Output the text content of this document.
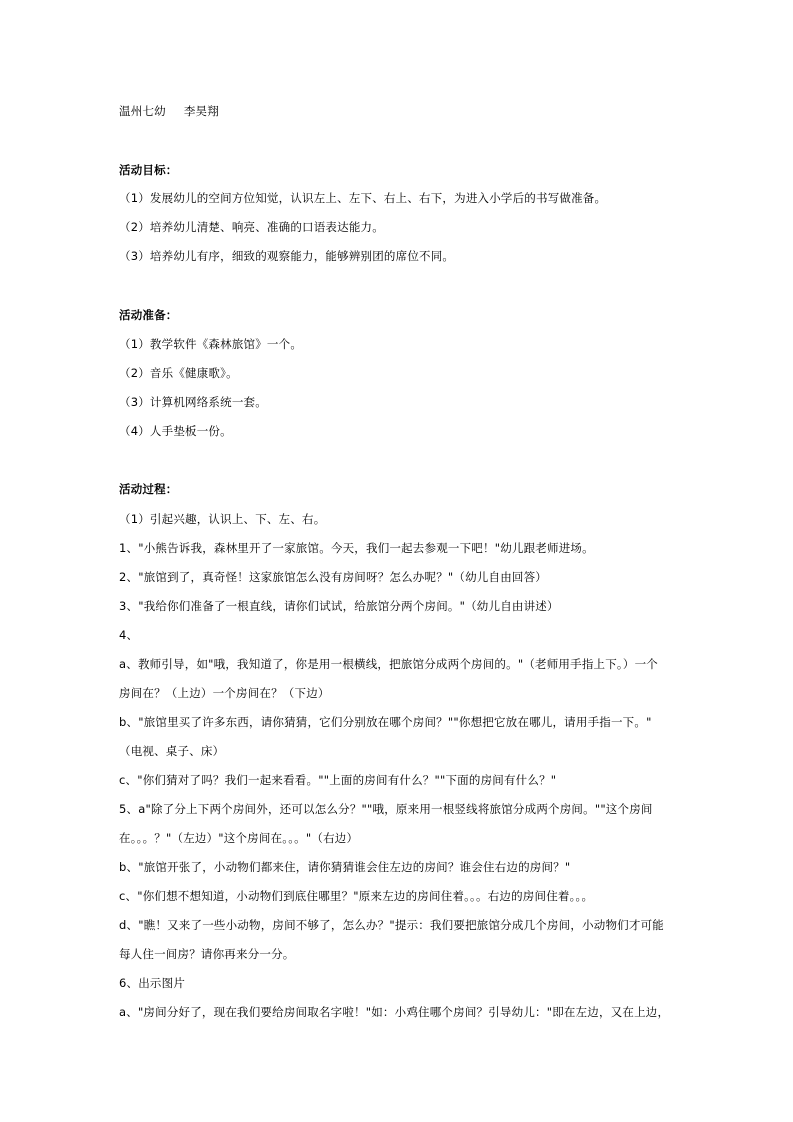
温州七幼 李昊翔
活动目标：
（1）发展幼儿的空间方位知觉，认识左上、左下、右上、右下，为进入小学后的书写做准备。
（2）培养幼儿清楚、响亮、准确的口语表达能力。
（3）培养幼儿有序，细致的观察能力，能够辨别团的席位不同。
活动准备：
（1）教学软件《森林旅馆》一个。
（2）音乐《健康歌》。
（3）计算机网络系统一套。
（4）人手垫板一份。
活动过程：
（1）引起兴趣，认识上、下、左、右。
1、"小熊告诉我，森林里开了一家旅馆。今天，我们一起去参观一下吧！"幼儿跟老师进场。
2、"旅馆到了，真奇怪！这家旅馆怎么没有房间呀？怎么办呢？"（幼儿自由回答）
3、"我给你们准备了一根直线，请你们试试，给旅馆分两个房间。"（幼儿自由讲述）
4、
a、教师引导，如"哦，我知道了，你是用一根横线，把旅馆分成两个房间的。"（老师用手指上下。）一个
房间在？（上边）一个房间在？（下边）
b、"旅馆里买了许多东西，请你猜猜，它们分别放在哪个房间？""你想把它放在哪儿，请用手指一下。"
（电视、桌子、床）
c、"你们猜对了吗？我们一起来看看。""上面的房间有什么？""下面的房间有什么？"
5、a"除了分上下两个房间外，还可以怎么分？""哦，原来用一根竖线将旅馆分成两个房间。""这个房间
在。。。？"（左边）"这个房间在。。。"（右边）
b、"旅馆开张了，小动物们都来住，请你猜猜谁会住左边的房间？谁会住右边的房间？"
c、"你们想不想知道，小动物们到底住哪里？"原来左边的房间住着。。。右边的房间住着。。。
d、"瞧！又来了一些小动物，房间不够了，怎么办？"提示：我们要把旅馆分成几个房间，小动物们才可能
每人住一间房？请你再来分一分。
6、出示图片
a、"房间分好了，现在我们要给房间取名字啦！"如：小鸡住哪个房间？引导幼儿："即在左边，又在上边，
